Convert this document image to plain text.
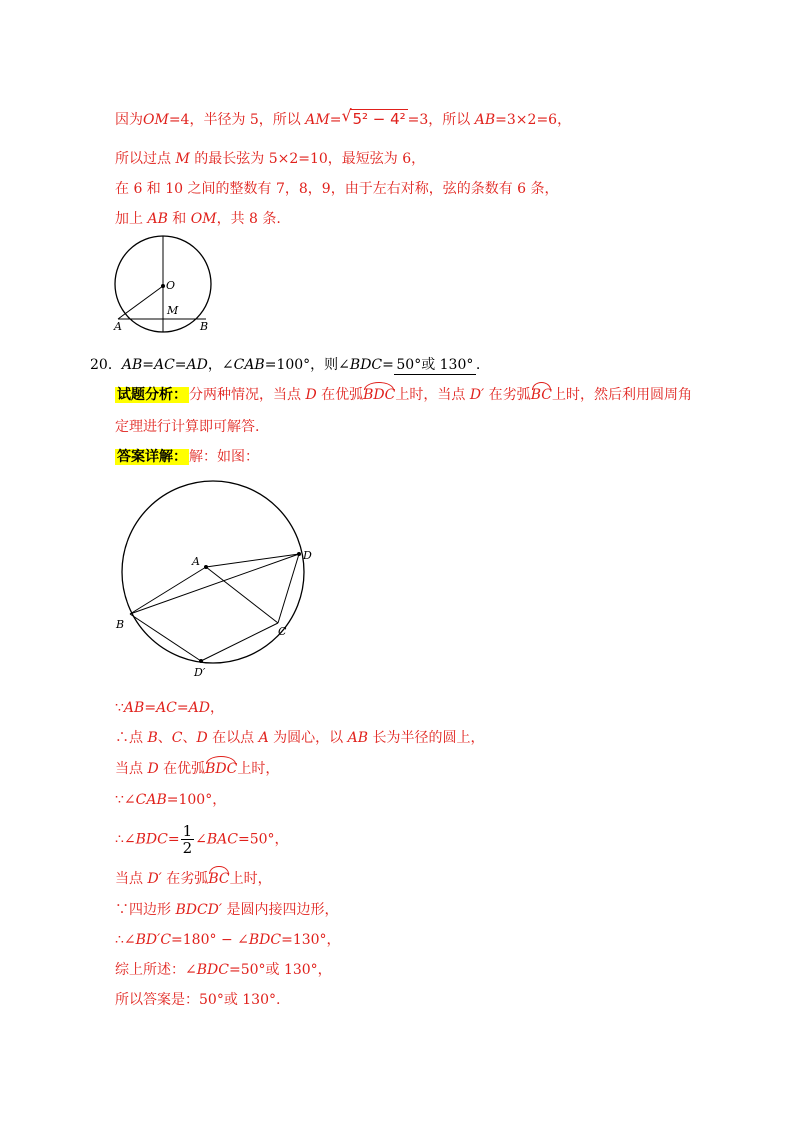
因为OM=4，半径为 5，所以 AM= √ 5² − 4² =3，所以 AB=3×2=6，
所以过点 M 的最长弦为 5×2=10，最短弦为 6，
在 6 和 10 之间的整数有 7，8，9，由于左右对称，弦的条数有 6 条，
加上 AB 和 OM，共 8 条.
O
M
A	B
20．AB=AC=AD，∠CAB=100°，则∠BDC= 50°或 130° .
试题分析： 分两种情况，当点 D 在优弧BDC上时，当点 D′ 在劣弧BC上时，然后利用圆周角
定理进行计算即可解答.
答案详解： 解：如图：
A
B
C
D
D′
∵AB=AC=AD，
∴点 B、C、D 在以点 A 为圆心，以 AB 长为半径的圆上，
当点 D 在优弧BDC上时，
∵∠CAB=100°，
∴∠BDC= $\frac{1}{2}$ ∠BAC=50°，
当点 D′ 在劣弧BC上时，
∵四边形 BDCD′ 是圆内接四边形，
∴∠BD′C=180° − ∠BDC=130°，
综上所述：∠BDC=50°或 130°，
所以答案是：50°或 130°.
